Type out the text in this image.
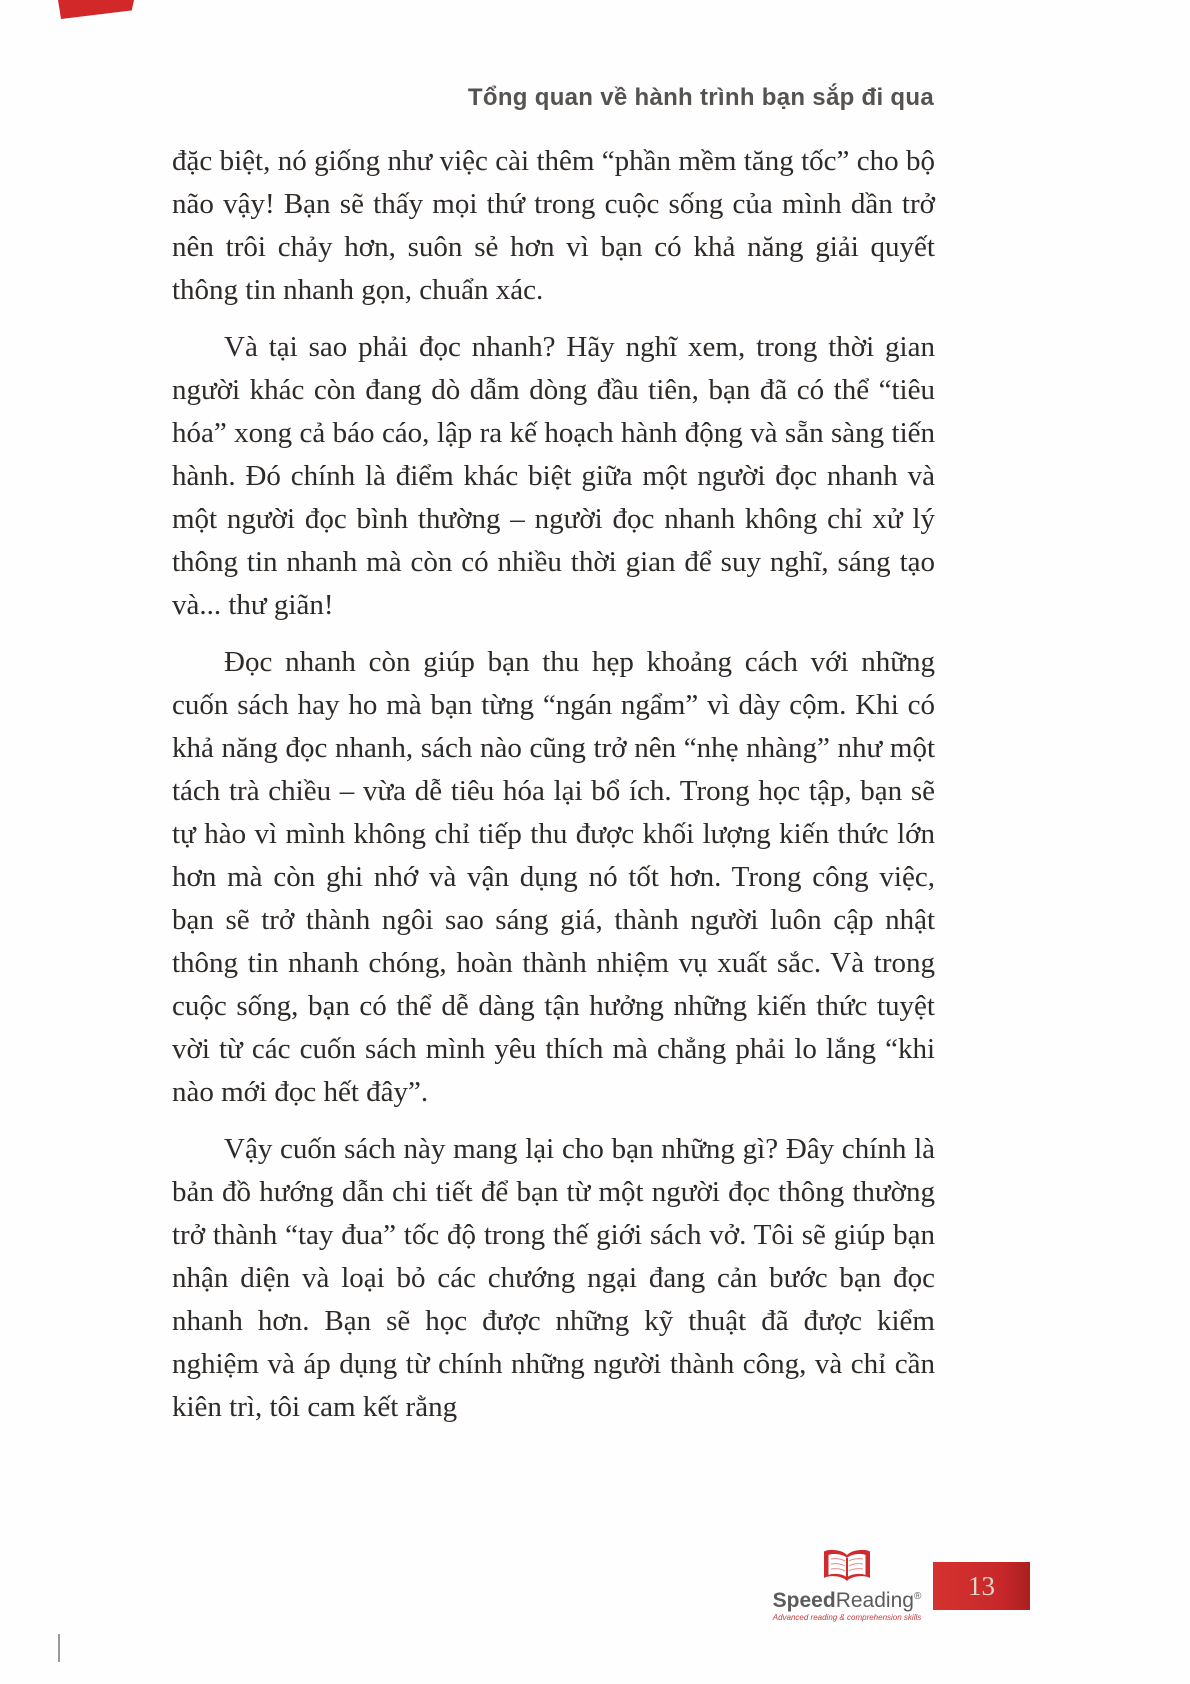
Tổng quan về hành trình bạn sắp đi qua

đặc biệt, nó giống như việc cài thêm “phần mềm tăng tốc” cho bộ não vậy! Bạn sẽ thấy mọi thứ trong cuộc sống của mình dần trở nên trôi chảy hơn, suôn sẻ hơn vì bạn có khả năng giải quyết thông tin nhanh gọn, chuẩn xác.

Và tại sao phải đọc nhanh? Hãy nghĩ xem, trong thời gian người khác còn đang dò dẫm dòng đầu tiên, bạn đã có thể “tiêu hóa” xong cả báo cáo, lập ra kế hoạch hành động và sẵn sàng tiến hành. Đó chính là điểm khác biệt giữa một người đọc nhanh và một người đọc bình thường – người đọc nhanh không chỉ xử lý thông tin nhanh mà còn có nhiều thời gian để suy nghĩ, sáng tạo và... thư giãn!

Đọc nhanh còn giúp bạn thu hẹp khoảng cách với những cuốn sách hay ho mà bạn từng “ngán ngẩm” vì dày cộm. Khi có khả năng đọc nhanh, sách nào cũng trở nên “nhẹ nhàng” như một tách trà chiều – vừa dễ tiêu hóa lại bổ ích. Trong học tập, bạn sẽ tự hào vì mình không chỉ tiếp thu được khối lượng kiến thức lớn hơn mà còn ghi nhớ và vận dụng nó tốt hơn. Trong công việc, bạn sẽ trở thành ngôi sao sáng giá, thành người luôn cập nhật thông tin nhanh chóng, hoàn thành nhiệm vụ xuất sắc. Và trong cuộc sống, bạn có thể dễ dàng tận hưởng những kiến thức tuyệt vời từ các cuốn sách mình yêu thích mà chẳng phải lo lắng “khi nào mới đọc hết đây”.

Vậy cuốn sách này mang lại cho bạn những gì? Đây chính là bản đồ hướng dẫn chi tiết để bạn từ một người đọc thông thường trở thành “tay đua” tốc độ trong thế giới sách vở. Tôi sẽ giúp bạn nhận diện và loại bỏ các chướng ngại đang cản bước bạn đọc nhanh hơn. Bạn sẽ học được những kỹ thuật đã được kiểm nghiệm và áp dụng từ chính những người thành công, và chỉ cần kiên trì, tôi cam kết rằng

SpeedReading®
Advanced reading & comprehension skills
13
